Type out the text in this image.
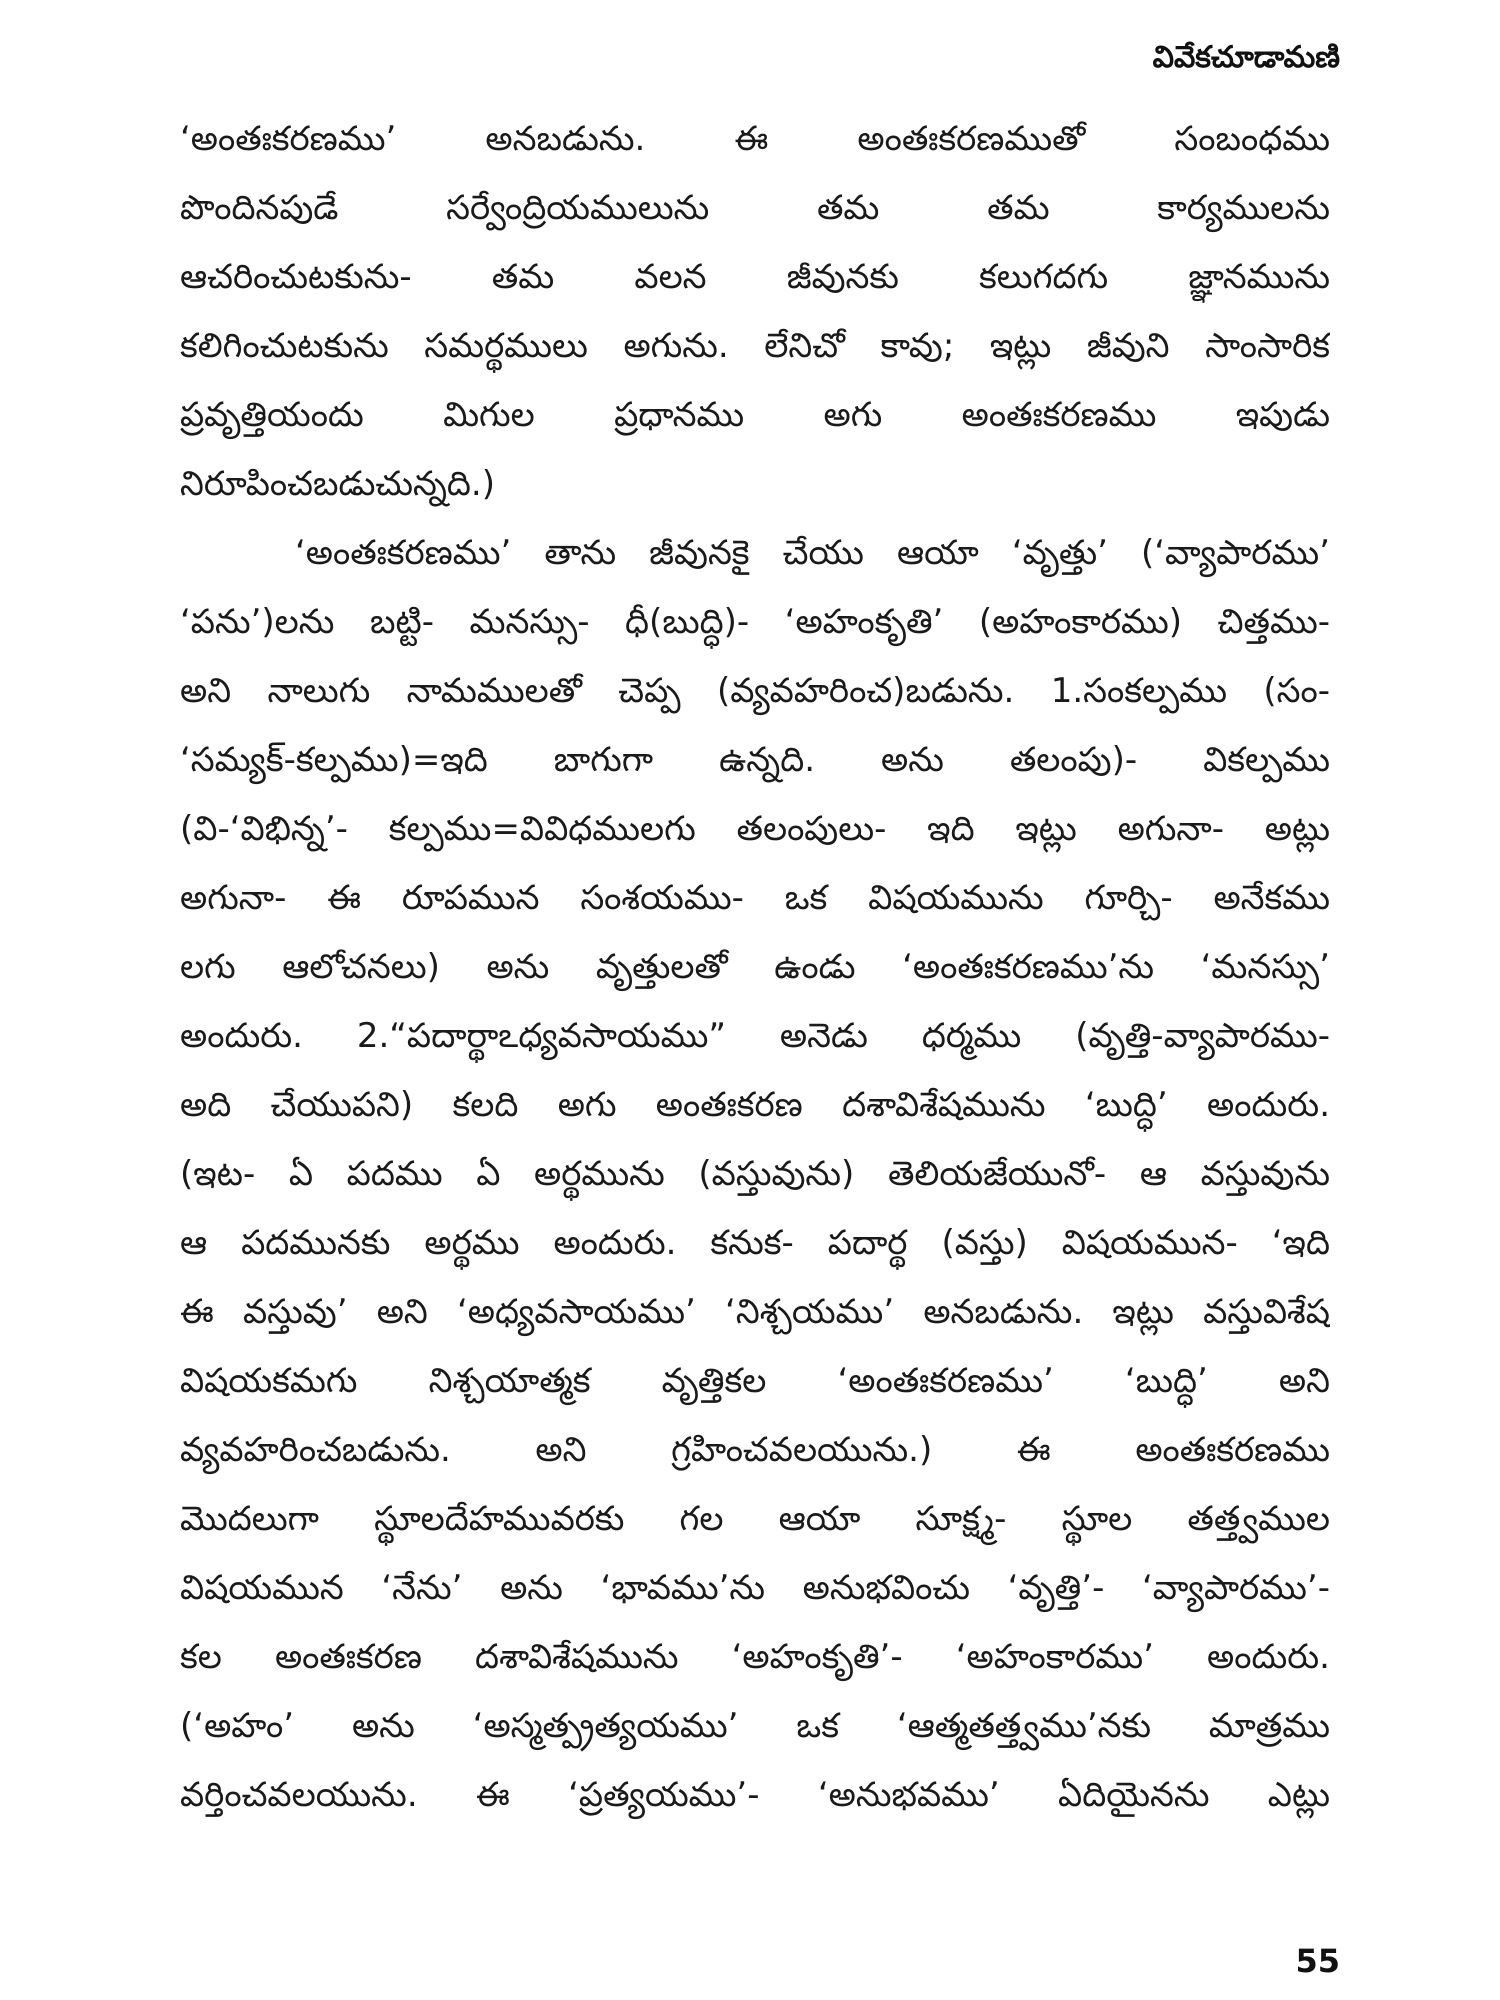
వివేకచూడామణి
‘అంతఃకరణము’ అనబడును. ఈ అంతఃకరణముతో సంబంధము
పొందినపుడే సర్వేంద్రియములును తమ తమ కార్యములను
ఆచరించుటకును- తమ వలన జీవునకు కలుగదగు జ్ఞానమును
కలిగించుటకును సమర్థములు అగును. లేనిచో కావు; ఇట్లు జీవుని సాంసారిక
ప్రవృత్తియందు మిగుల ప్రధానము అగు అంతఃకరణము ఇపుడు
నిరూపించబడుచున్నది.)
‘అంతఃకరణము’ తాను జీవునకై చేయు ఆయా ‘వృత్తు’ (‘వ్యాపారము’
‘పను’)లను బట్టి- మనస్సు- ధీ(బుద్ధి)- ‘అహంకృతి’ (అహంకారము) చిత్తము-
అని నాలుగు నామములతో చెప్ప (వ్యవహరించ)బడును. 1.సంకల్పము (సం-
‘సమ్యక్-కల్పము)=ఇది బాగుగా ఉన్నది. అను తలంపు)- వికల్పము
(వి-‘విభిన్న’- కల్పము=వివిధములగు తలంపులు- ఇది ఇట్లు అగునా- అట్లు
అగునా- ఈ రూపమున సంశయము- ఒక విషయమును గూర్చి- అనేకము
లగు ఆలోచనలు) అను వృత్తులతో ఉండు ‘అంతఃకరణము’ను ‘మనస్సు’
అందురు. 2.“పదార్థాఽధ్యవసాయము” అనెడు ధర్మము (వృత్తి-వ్యాపారము-
అది చేయుపని) కలది అగు అంతఃకరణ దశావిశేషమును ‘బుద్ధి’ అందురు.
(ఇట- ఏ పదము ఏ అర్థమును (వస్తువును) తెలియజేయునో- ఆ వస్తువును
ఆ పదమునకు అర్థము అందురు. కనుక- పదార్థ (వస్తు) విషయమున- ‘ఇది
ఈ వస్తువు’ అని ‘అధ్యవసాయము’ ‘నిశ్చయము’ అనబడును. ఇట్లు వస్తువిశేష
విషయకమగు నిశ్చయాత్మక వృత్తికల ‘అంతఃకరణము’ ‘బుద్ధి’ అని
వ్యవహరించబడును. అని గ్రహించవలయును.) ఈ అంతఃకరణము
మొదలుగా స్థూలదేహమువరకు గల ఆయా సూక్ష్మ- స్థూల తత్త్వముల
విషయమున ‘నేను’ అను ‘భావము’ను అనుభవించు ‘వృత్తి’- ‘వ్యాపారము’-
కల అంతఃకరణ దశావిశేషమును ‘అహంకృతి’- ‘అహంకారము’ అందురు.
(‘అహం’ అను ‘అస్మత్ప్రత్యయము’ ఒక ‘ఆత్మతత్త్వము’నకు మాత్రము
వర్తించవలయును. ఈ ‘ప్రత్యయము’- ‘అనుభవము’ ఏదియైనను ఎట్లు
55
